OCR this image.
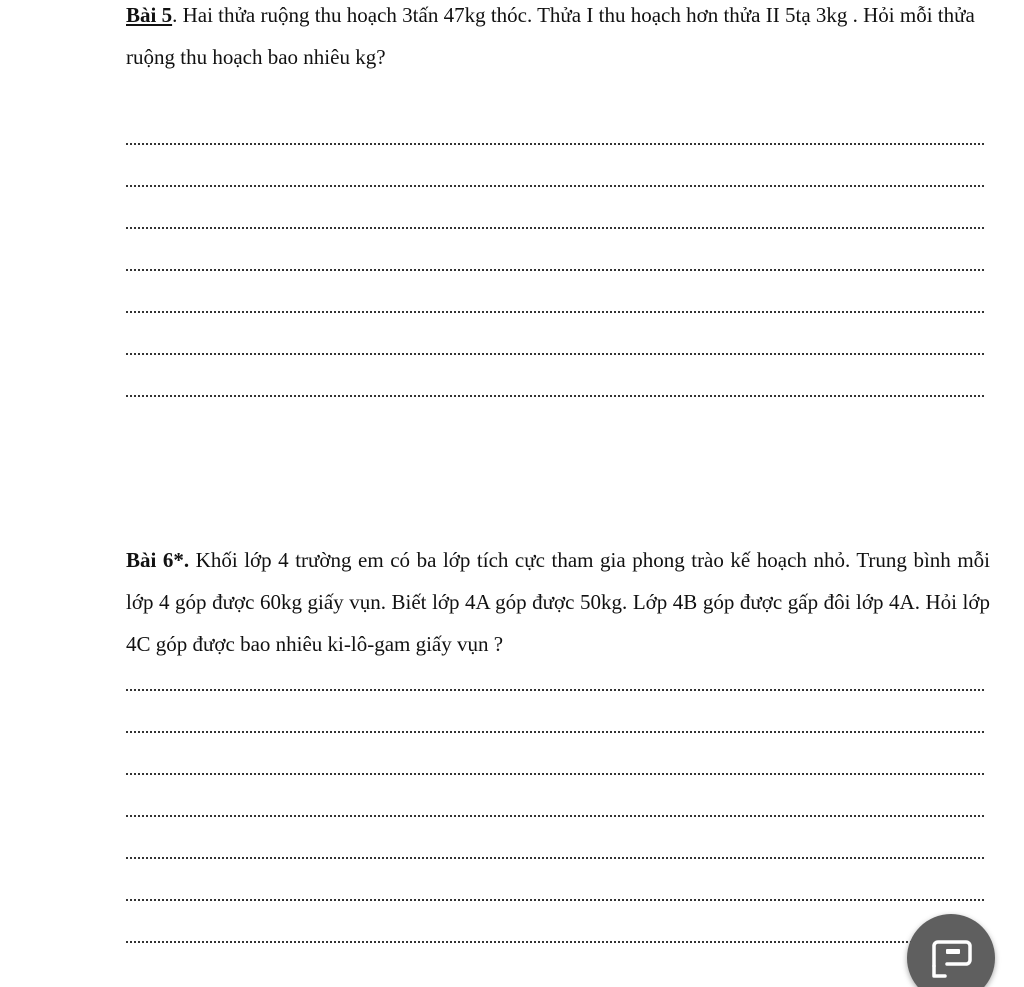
Bài 5. Hai thửa ruộng thu hoạch 3tấn 47kg thóc. Thửa I thu hoạch hơn thửa II 5tạ 3kg . Hỏi mỗi thửa ruộng thu hoạch bao nhiêu kg?

Bài 6*. Khối lớp 4 trường em có ba lớp tích cực tham gia phong trào kế hoạch nhỏ. Trung bình mỗi lớp 4 góp được 60kg giấy vụn. Biết lớp 4A góp được 50kg. Lớp 4B góp được gấp đôi lớp 4A. Hỏi lớp 4C góp được bao nhiêu ki-lô-gam giấy vụn ?
